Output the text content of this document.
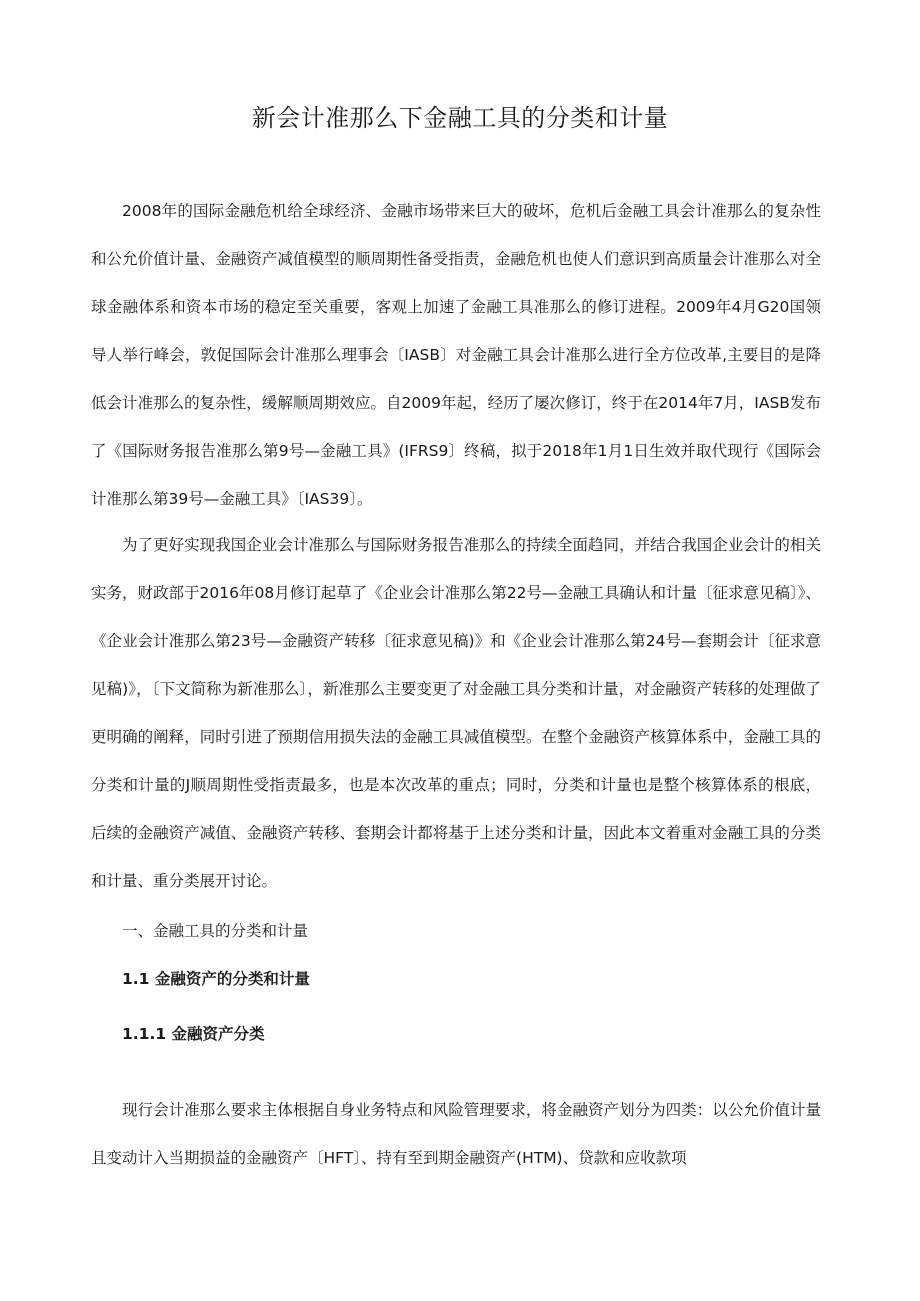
新会计准那么下金融工具的分类和计量

2008年的国际金融危机给全球经济、金融市场带来巨大的破坏，危机后金融工具会计准那么的复杂性和公允价值计量、金融资产减值模型的顺周期性备受指责，金融危机也使人们意识到高质量会计准那么对全球金融体系和资本市场的稳定至关重要，客观上加速了金融工具准那么的修订进程。2009年4月G20国领导人举行峰会，敦促国际会计准那么理事会〔IASB〕对金融工具会计准那么进行全方位改革,主要目的是降低会计准那么的复杂性，缓解顺周期效应。自2009年起，经历了屡次修订，终于在2014年7月，IASB发布了《国际财务报告准那么第9号—金融工具》(IFRS9〕终稿，拟于2018年1月1日生效并取代现行《国际会计准那么第39号—金融工具》〔IAS39〕。

为了更好实现我国企业会计准那么与国际财务报告准那么的持续全面趋同，并结合我国企业会计的相关实务，财政部于2016年08月修订起草了《企业会计准那么第22号—金融工具确认和计量〔征求意见稿〕》、《企业会计准那么第23号—金融资产转移〔征求意见稿)》和《企业会计准那么第24号—套期会计〔征求意见稿)》，〔下文简称为新准那么〕，新准那么主要变更了对金融工具分类和计量，对金融资产转移的处理做了更明确的阐释，同时引进了预期信用损失法的金融工具减值模型。在整个金融资产核算体系中，金融工具的分类和计量的J顺周期性受指责最多，也是本次改革的重点；同时，分类和计量也是整个核算体系的根底，后续的金融资产减值、金融资产转移、套期会计都将基于上述分类和计量，因此本文着重对金融工具的分类和计量、重分类展开讨论。

一、金融工具的分类和计量
1.1 金融资产的分类和计量
1.1.1 金融资产分类

现行会计准那么要求主体根据自身业务特点和风险管理要求，将金融资产划分为四类：以公允价值计量且变动计入当期损益的金融资产〔HFT〕、持有至到期金融资产(HTM)、贷款和应收款项
